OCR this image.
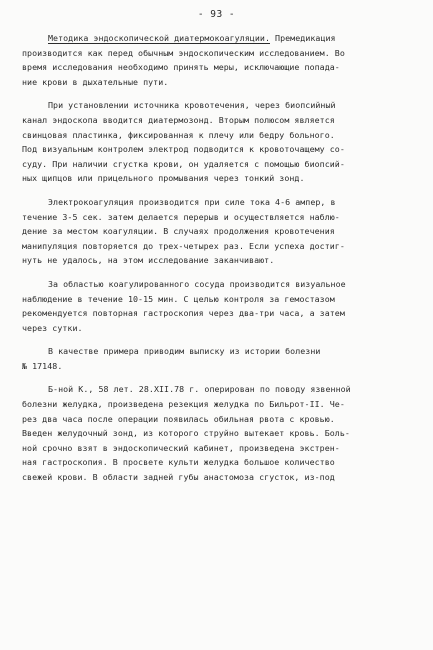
- 93 -
Методика эндоскопической диатермокоагуляции. Премедикация
производится как перед обычным эндоскопическим исследованием. Во
время исследования необходимо принять меры, исключающие попада-
ние крови в дыхательные пути.
При установлении источника кровотечения, через биопсийный
канал эндоскопа вводится диатермозонд. Вторым полюсом является
свинцовая пластинка, фиксированная к плечу или бедру больного.
Под визуальным контролем электрод подводится к кровоточащему со-
суду. При наличии сгустка крови, он удаляется с помощью биопсий-
ных щипцов или прицельного промывания через тонкий зонд.
Электрокоагуляция производится при силе тока 4-6 ампер, в
течение 3-5 сек. затем делается перерыв и осуществляется наблю-
дение за местом коагуляции. В случаях продолжения кровотечения
манипуляция повторяется до трех-четырех раз. Если успеха достиг-
нуть не удалось, на этом исследование заканчивают.
За областью коагулированного сосуда производится визуальное
наблюдение в течение 10-15 мин. С целью контроля за гемостазом
рекомендуется повторная гастроскопия через два-три часа, а затем
через сутки.
В качестве примера приводим выписку из истории болезни
№ 17148.
Б-ной К., 58 лет. 28.XII.78 г. оперирован по поводу язвенной
болезни желудка, произведена резекция желудка по Бильрот-II. Че-
рез два часа после операции появилась обильная рвота с кровью.
Введен желудочный зонд, из которого струйно вытекает кровь. Боль-
ной срочно взят в эндоскопический кабинет, произведена экстрен-
ная гастроскопия. В просвете культи желудка большое количество
свежей крови. В области задней губы анастомоза сгусток, из-под
